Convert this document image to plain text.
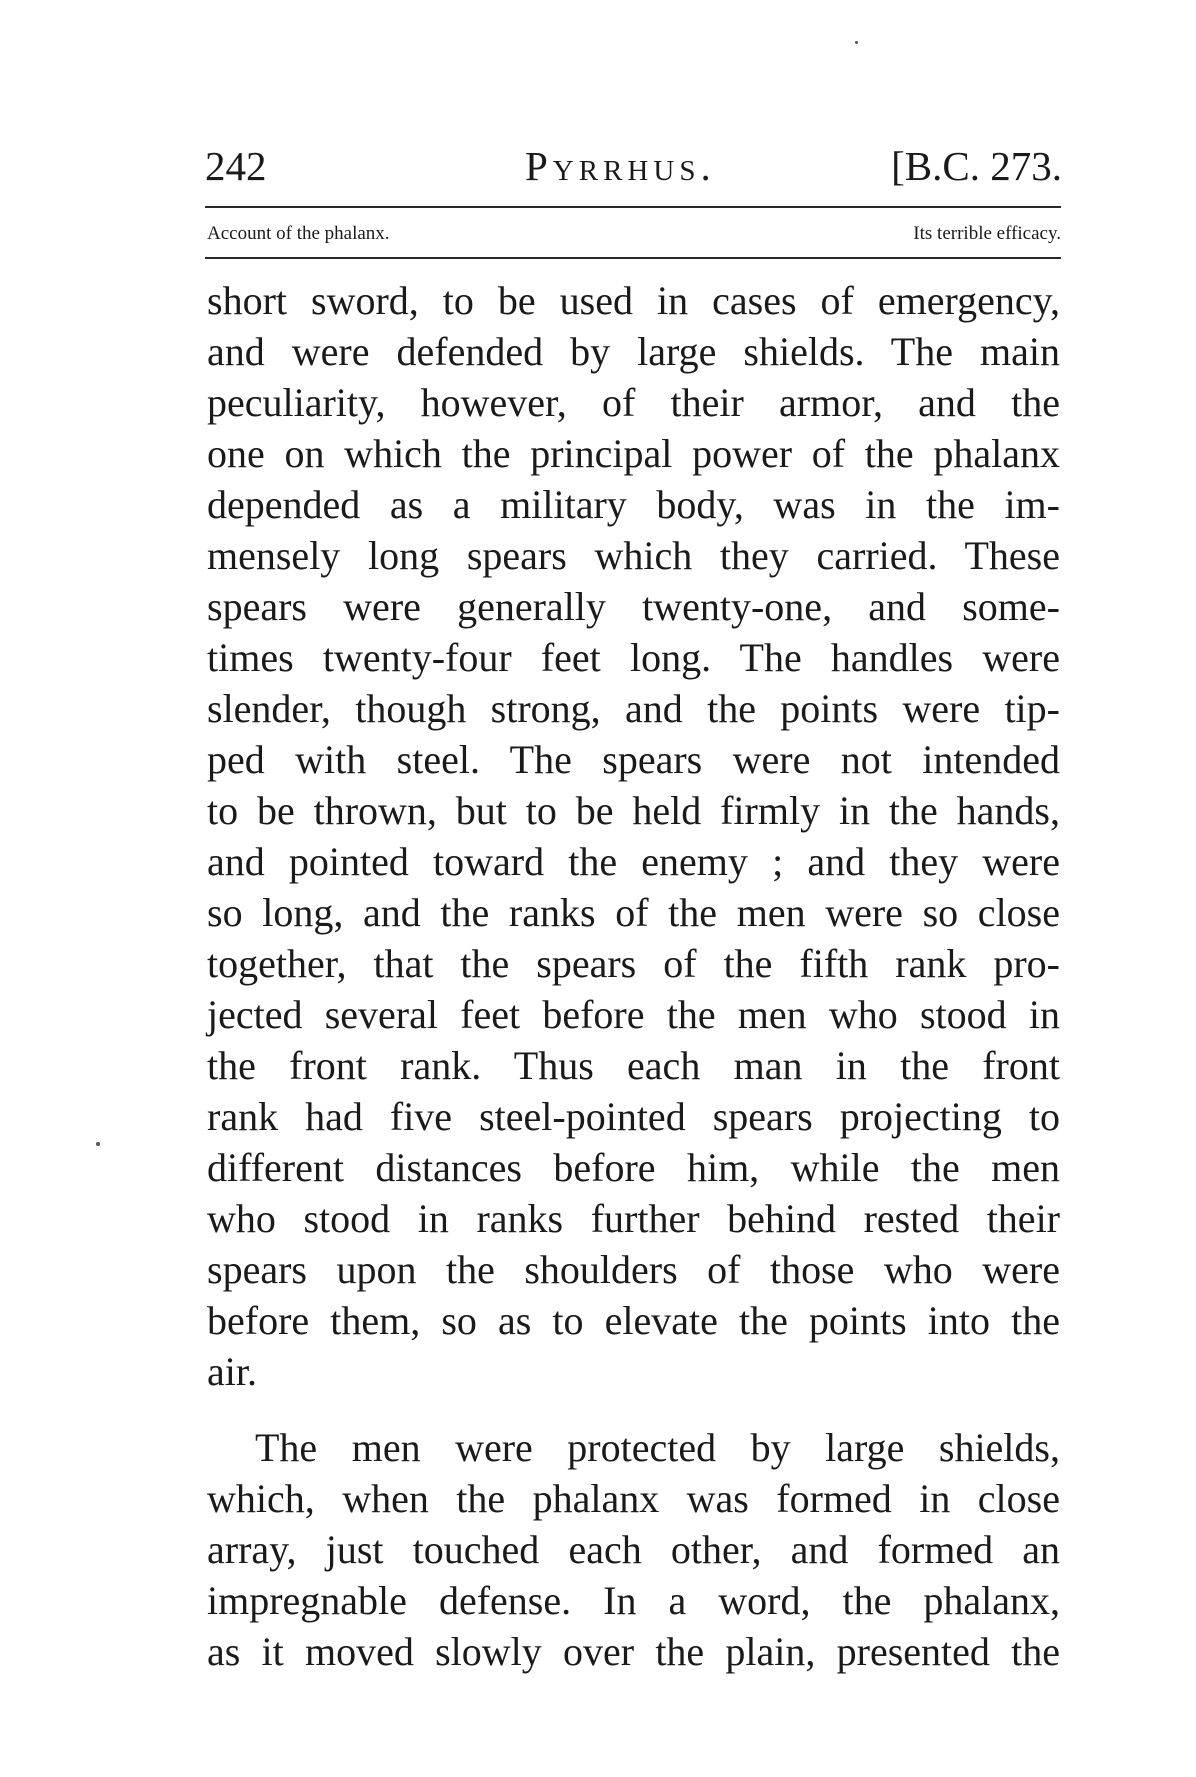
242	Pyrrhus.	[B.C. 273.
Account of the phalanx.	Its terrible efficacy.
short sword, to be used in cases of emergency,
and were defended by large shields. The main
peculiarity, however, of their armor, and the
one on which the principal power of the phalanx
depended as a military body, was in the im-
mensely long spears which they carried. These
spears were generally twenty-one, and some-
times twenty-four feet long. The handles were
slender, though strong, and the points were tip-
ped with steel. The spears were not intended
to be thrown, but to be held firmly in the hands,
and pointed toward the enemy ; and they were
so long, and the ranks of the men were so close
together, that the spears of the fifth rank pro-
jected several feet before the men who stood in
the front rank. Thus each man in the front
rank had five steel-pointed spears projecting to
different distances before him, while the men
who stood in ranks further behind rested their
spears upon the shoulders of those who were
before them, so as to elevate the points into the
air.
The men were protected by large shields,
which, when the phalanx was formed in close
array, just touched each other, and formed an
impregnable defense. In a word, the phalanx,
as it moved slowly over the plain, presented the
